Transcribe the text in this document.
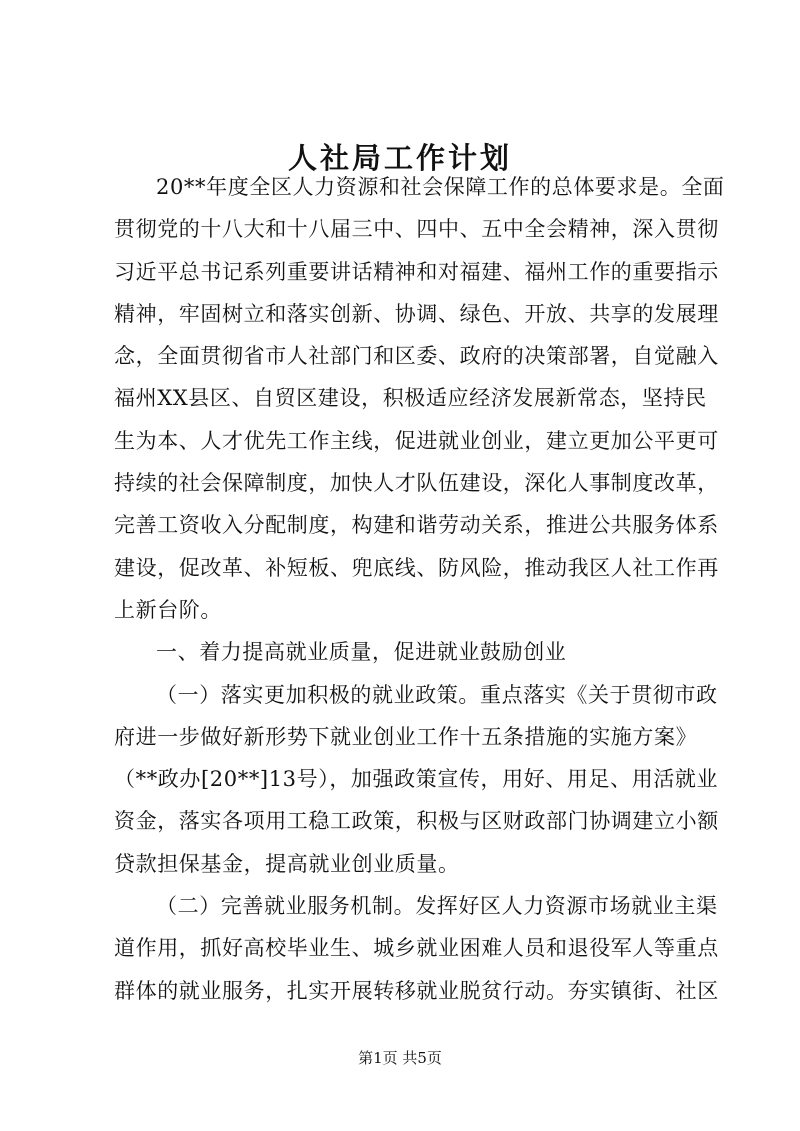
人社局工作计划
20**年度全区人力资源和社会保障工作的总体要求是。全面
贯彻党的十八大和十八届三中、四中、五中全会精神，深入贯彻
习近平总书记系列重要讲话精神和对福建、福州工作的重要指示
精神，牢固树立和落实创新、协调、绿色、开放、共享的发展理
念，全面贯彻省市人社部门和区委、政府的决策部署，自觉融入
福州XX县区、自贸区建设，积极适应经济发展新常态，坚持民
生为本、人才优先工作主线，促进就业创业，建立更加公平更可
持续的社会保障制度，加快人才队伍建设，深化人事制度改革，
完善工资收入分配制度，构建和谐劳动关系，推进公共服务体系
建设，促改革、补短板、兜底线、防风险，推动我区人社工作再
上新台阶。
一、着力提高就业质量，促进就业鼓励创业
（一）落实更加积极的就业政策。重点落实《关于贯彻市政
府进一步做好新形势下就业创业工作十五条措施的实施方案》
（**政办[20**]13号），加强政策宣传，用好、用足、用活就业
资金，落实各项用工稳工政策，积极与区财政部门协调建立小额
贷款担保基金，提高就业创业质量。
（二）完善就业服务机制。发挥好区人力资源市场就业主渠
道作用，抓好高校毕业生、城乡就业困难人员和退役军人等重点
群体的就业服务，扎实开展转移就业脱贫行动。夯实镇街、社区
第1页 共5页
